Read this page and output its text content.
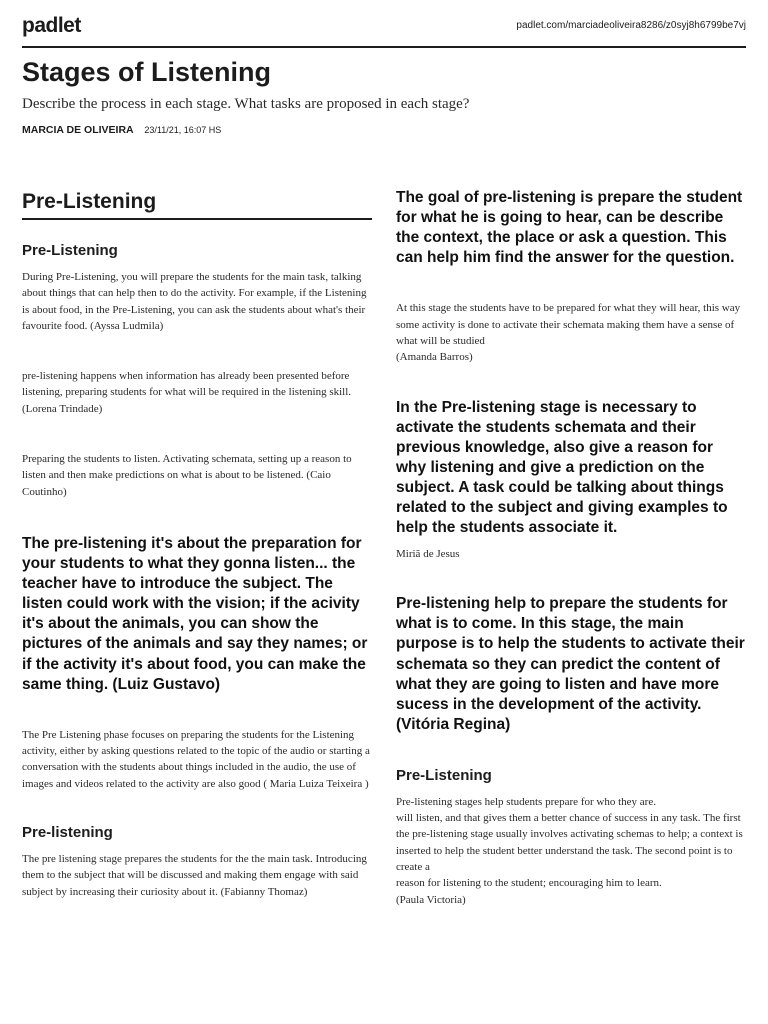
padlet	padlet.com/marciadeoliveira8286/z0syj8h6799be7vj
Stages of Listening

Describe the process in each stage. What tasks are proposed in each stage?

MARCIA DE OLIVEIRA 23/11/21, 16:07 HS
Pre-Listening
Pre-Listening

During Pre-Listening, you will prepare the students for the main task, talking about things that can help then to do the activity. For example, if the Listening is about food, in the Pre-Listening, you can ask the students about what's their favourite food. (Ayssa Ludmila)

pre-listening happens when information has already been presented before listening, preparing students for what will be required in the listening skill. (Lorena Trindade)

Preparing the students to listen. Activating schemata, setting up a reason to listen and then make predictions on what is about to be listened. (Caio Coutinho)

The pre-listening it's about the preparation for your students to what they gonna listen... the teacher have to introduce the subject. The listen could work with the vision; if the acivity it's about the animals, you can show the pictures of the animals and say they names; or if the activity it's about food, you can make the same thing. (Luiz Gustavo)

The Pre Listening phase focuses on preparing the students for the Listening activity, either by asking questions related to the topic of the audio or starting a conversation with the students about things included in the audio, the use of images and videos related to the activity are also good ( Maria Luiza Teixeira )

Pre-listening

The pre listening stage prepares the students for the the main task. Introducing them to the subject that will be discussed and making them engage with said subject by increasing their curiosity about it. (Fabianny Thomaz)

The goal of pre-listening is prepare the student for what he is going to hear, can be describe the context, the place or ask a question. This can help him find the answer for the question.

At this stage the students have to be prepared for what they will hear, this way some activity is done to activate their schemata making them have a sense of what will be studied
(Amanda Barros)

In the Pre-listening stage is necessary to activate the students schemata and their previous knowledge, also give a reason for why listening and give a prediction on the subject. A task could be talking about things related to the subject and giving examples to help the students associate it.

Miriã de Jesus

Pre-listening help to prepare the students for what is to come. In this stage, the main purpose is to help the students to activate their schemata so they can predict the content of what they are going to listen and have more sucess in the development of the activity. (Vitória Regina)

Pre-Listening

Pre-listening stages help students prepare for who they are.
will listen, and that gives them a better chance of success in any task. The first
the pre-listening stage usually involves activating schemas to help; a context is inserted to help the student better understand the task. The second point is to create a
reason for listening to the student; encouraging him to learn.
(Paula Victoria)
